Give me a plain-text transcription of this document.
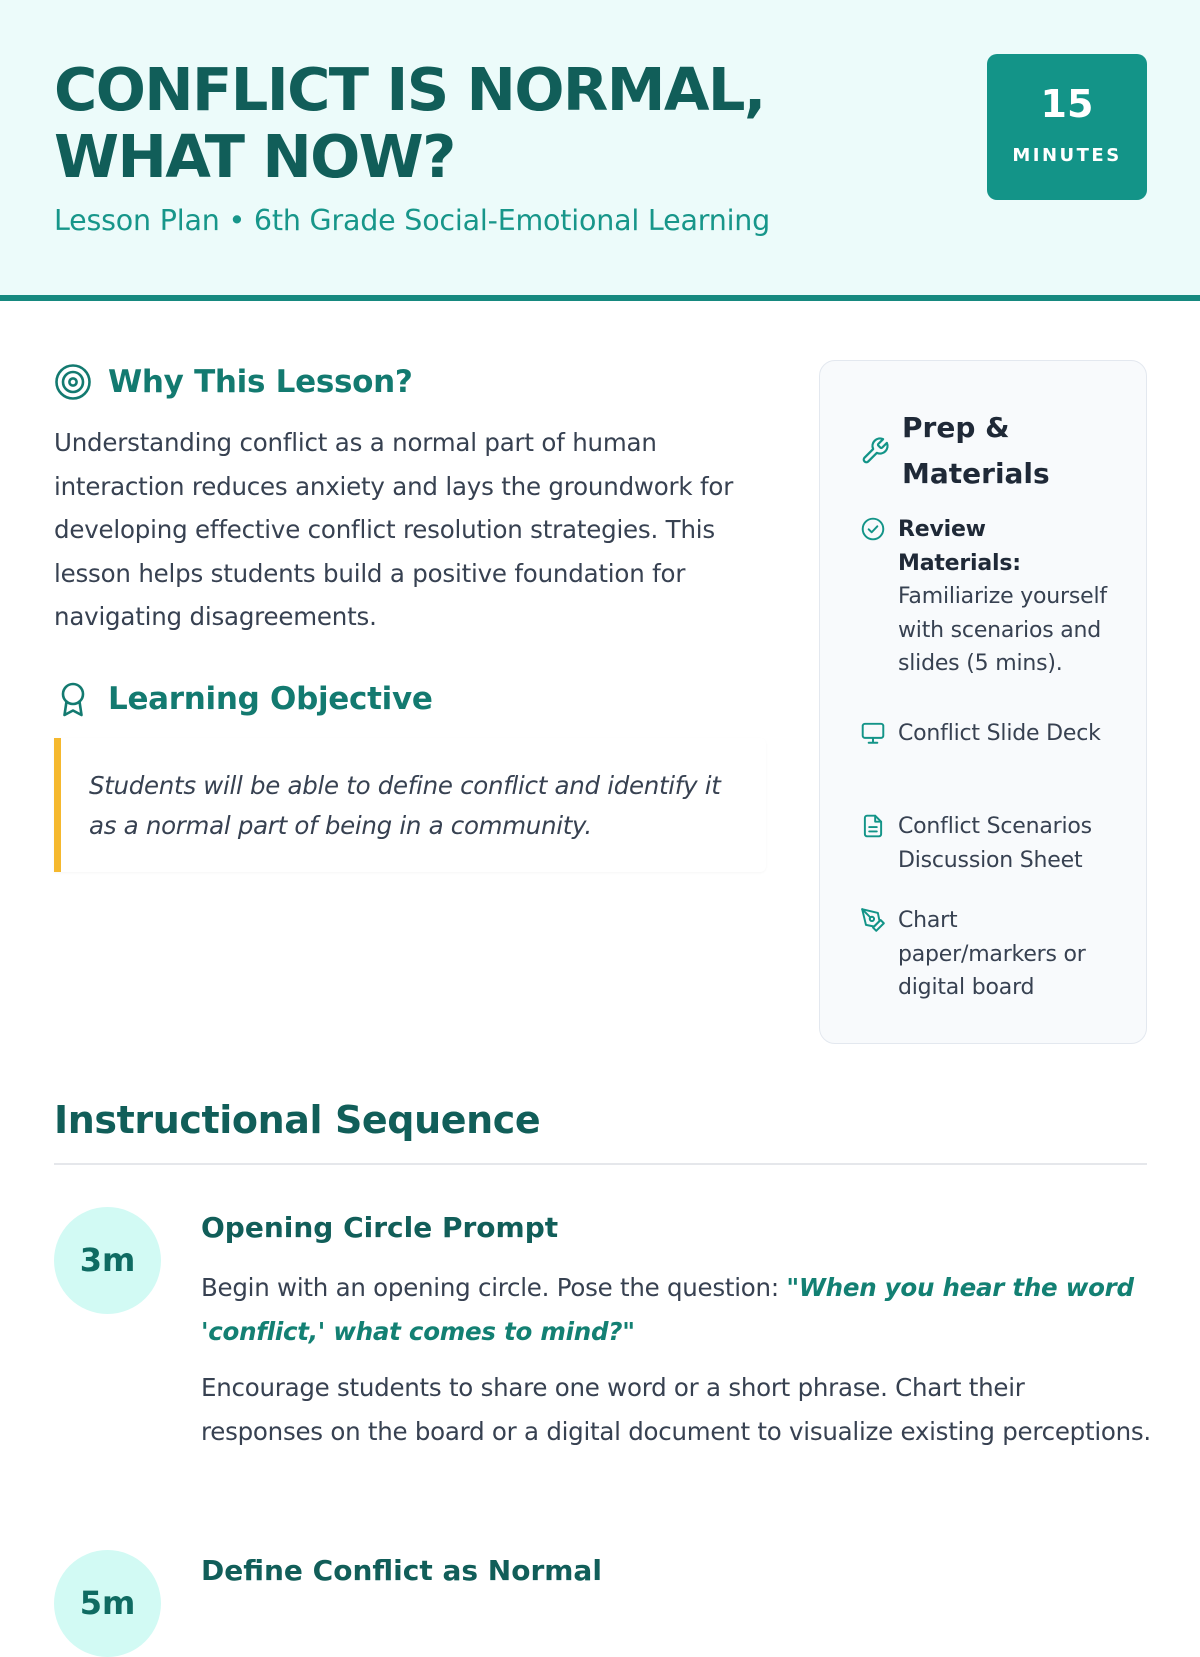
CONFLICT IS NORMAL, WHAT NOW?
Lesson Plan • 6th Grade Social-Emotional Learning
15
MINUTES
Why This Lesson?

Understanding conflict as a normal part of human interaction reduces anxiety and lays the groundwork for developing effective conflict resolution strategies. This lesson helps students build a positive foundation for navigating disagreements.

Learning Objective

Students will be able to define conflict and identify it as a normal part of being in a community.

Prep & Materials
Review Materials: Familiarize yourself with scenarios and slides (5 mins).
Conflict Slide Deck
Conflict Scenarios Discussion Sheet
Chart paper/markers or digital board
Instructional Sequence
3m
Opening Circle Prompt

Begin with an opening circle. Pose the question: "When you hear the word 'conflict,' what comes to mind?"

Encourage students to share one word or a short phrase. Chart their responses on the board or a digital document to visualize existing perceptions.

5m
Define Conflict as Normal
